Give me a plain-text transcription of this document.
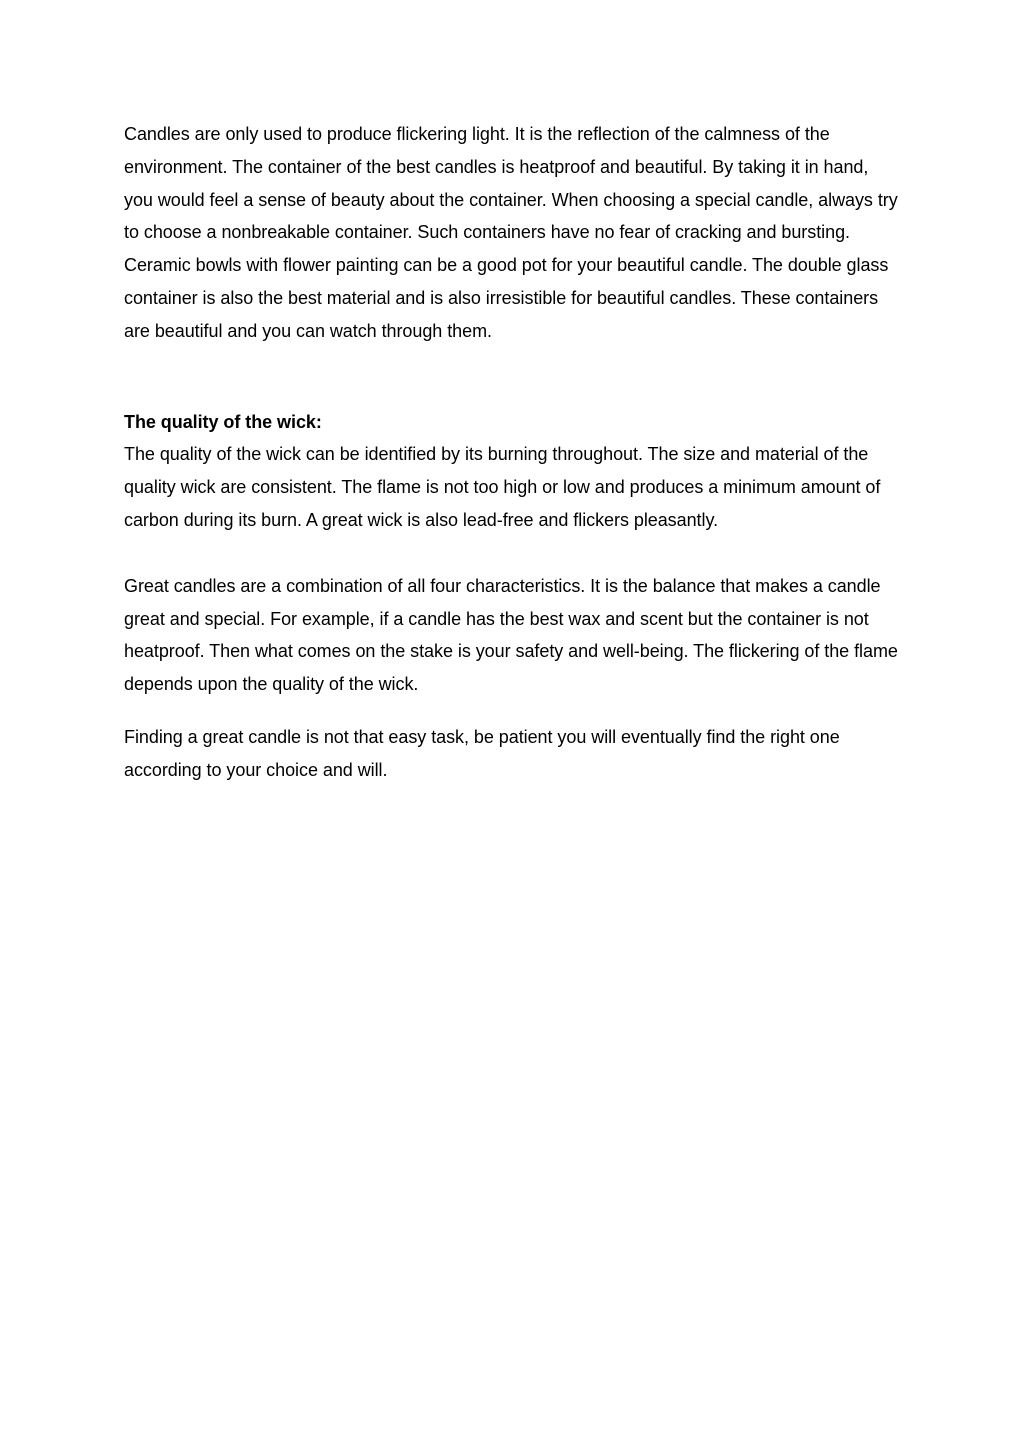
Candles are only used to produce flickering light. It is the reflection of the calmness of the environment. The container of the best candles is heatproof and beautiful. By taking it in hand, you would feel a sense of beauty about the container. When choosing a special candle, always try to choose a nonbreakable container. Such containers have no fear of cracking and bursting.

Ceramic bowls with flower painting can be a good pot for your beautiful candle. The double glass container is also the best material and is also irresistible for beautiful candles. These containers are beautiful and you can watch through them.

The quality of the wick:

The quality of the wick can be identified by its burning throughout. The size and material of the quality wick are consistent. The flame is not too high or low and produces a minimum amount of carbon during its burn. A great wick is also lead-free and flickers pleasantly.

Great candles are a combination of all four characteristics. It is the balance that makes a candle great and special. For example, if a candle has the best wax and scent but the container is not heatproof. Then what comes on the stake is your safety and well-being. The flickering of the flame depends upon the quality of the wick.

Finding a great candle is not that easy task, be patient you will eventually find the right one according to your choice and will.
